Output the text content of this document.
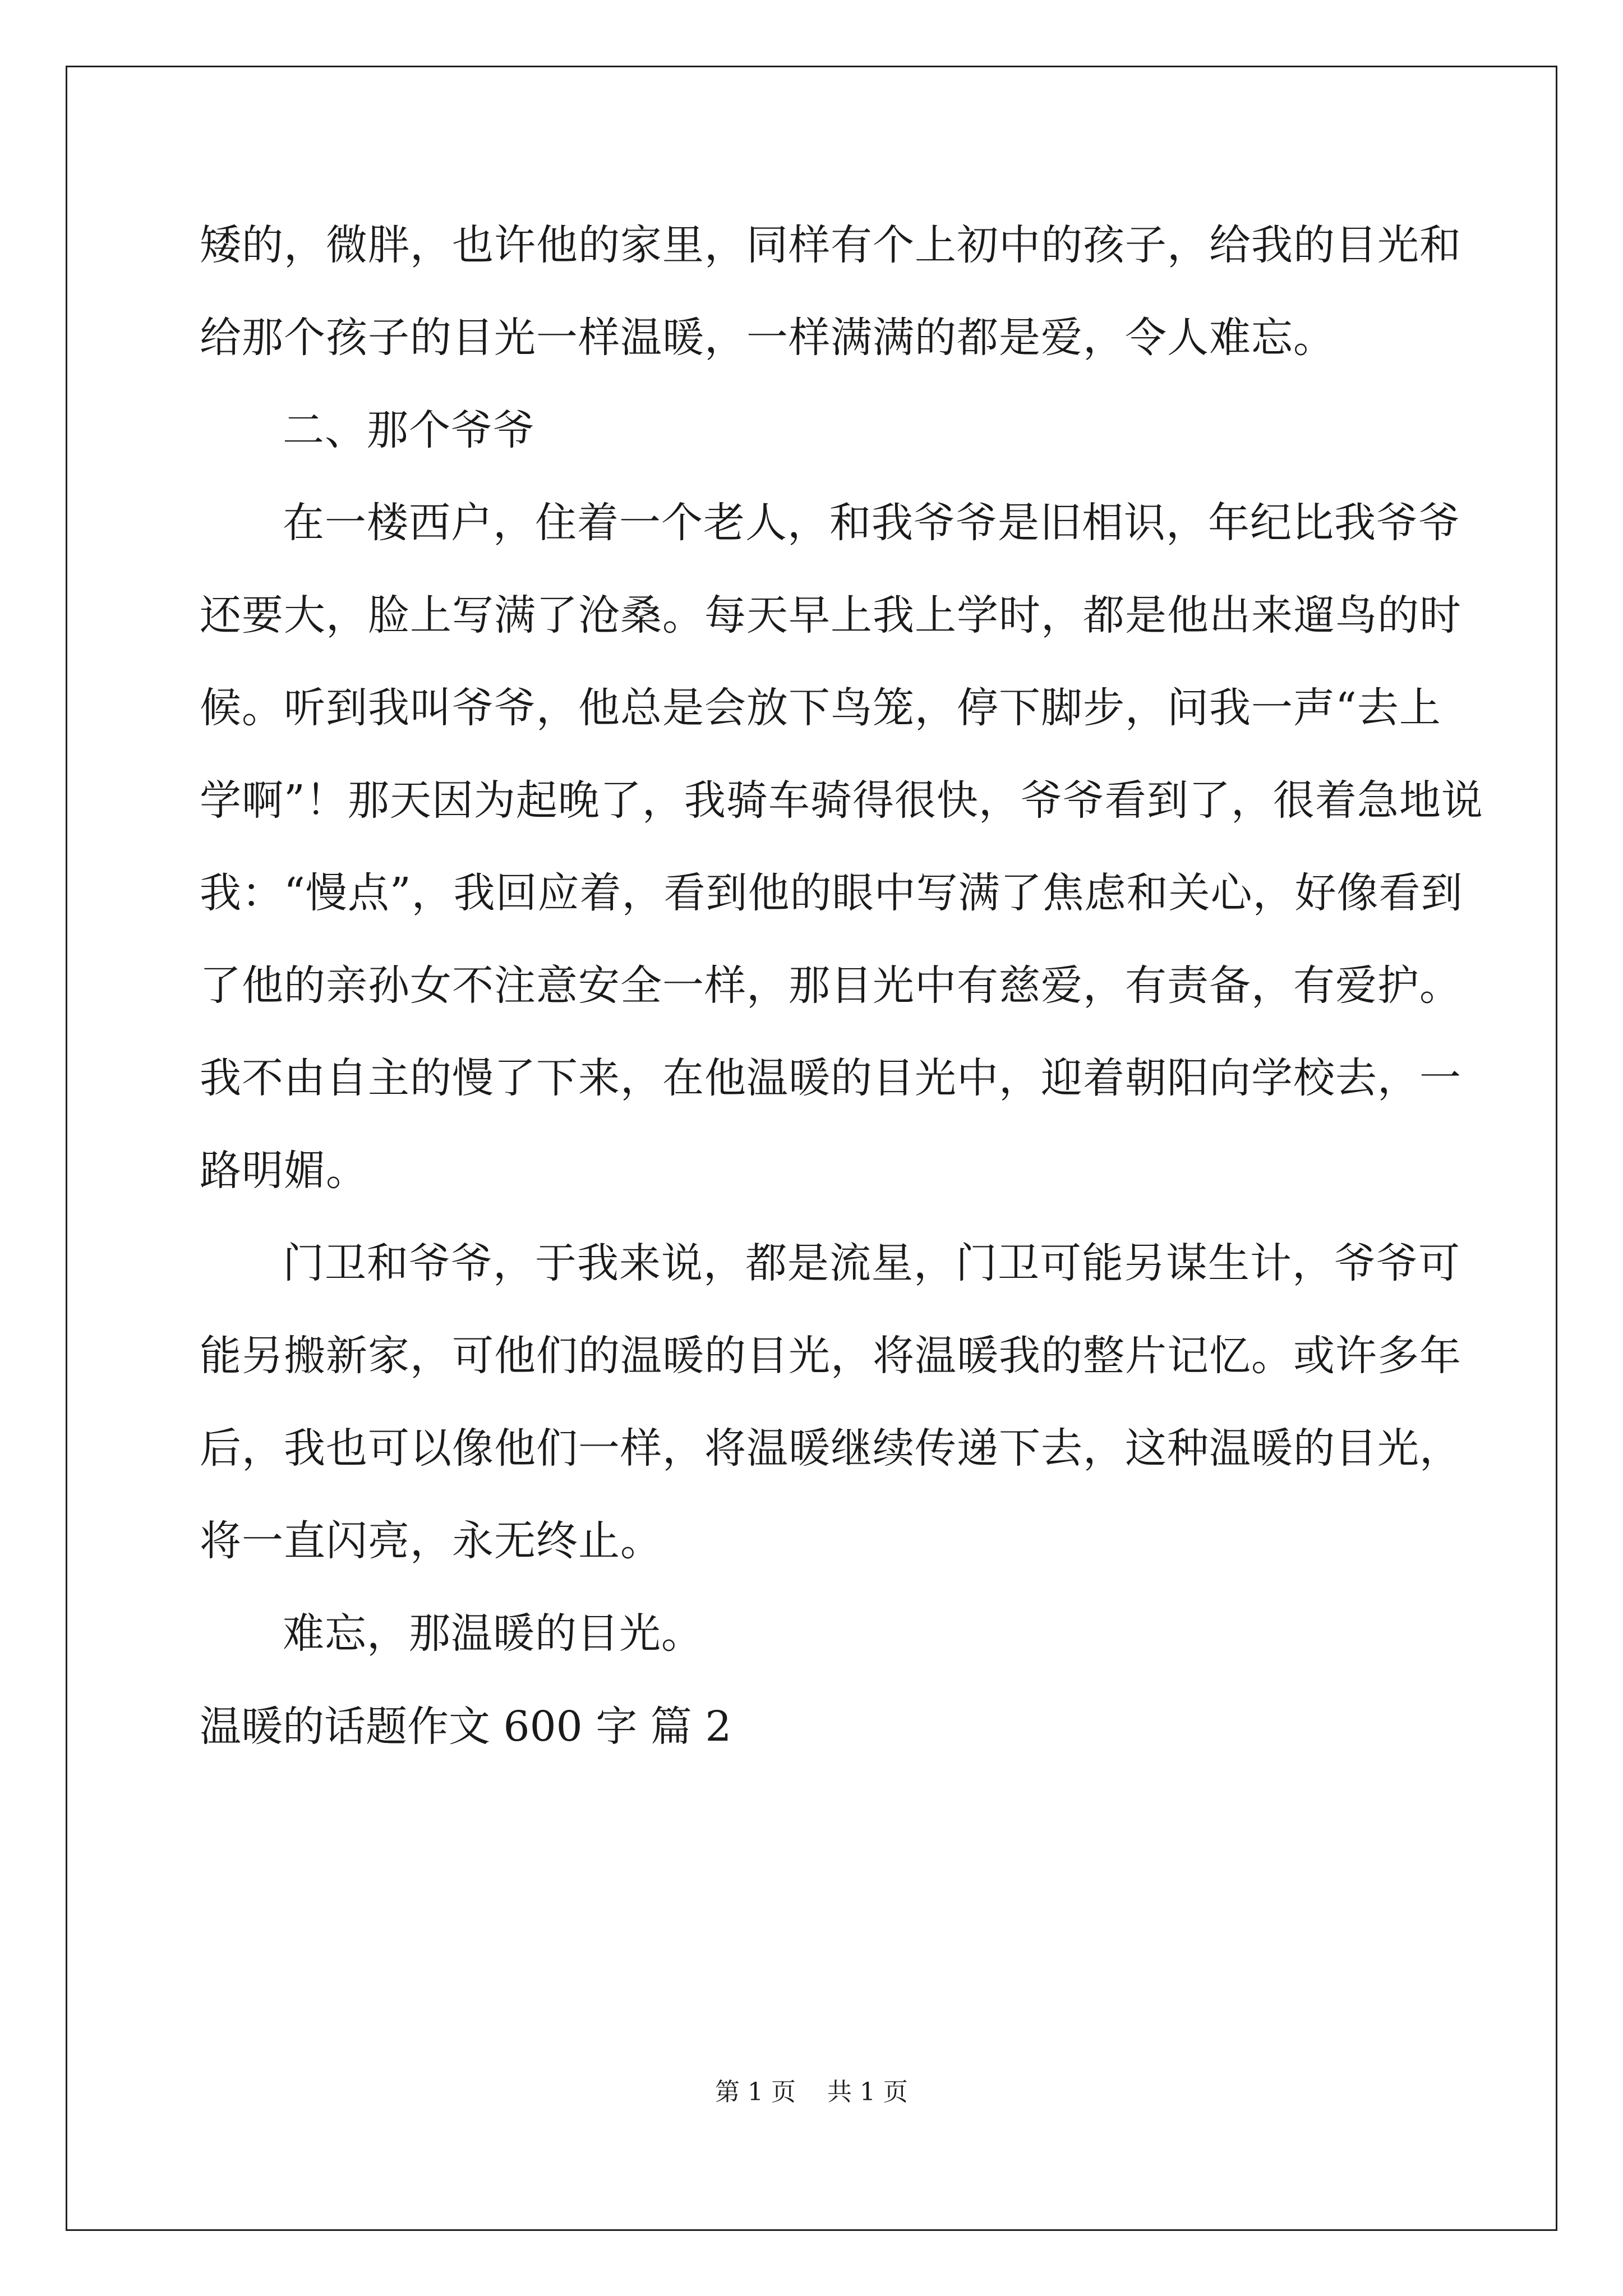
矮的，微胖，也许他的家里，同样有个上初中的孩子，给我的目光和
给那个孩子的目光一样温暖，一样满满的都是爱，令人难忘。
二、那个爷爷
在一楼西户，住着一个老人，和我爷爷是旧相识，年纪比我爷爷
还要大，脸上写满了沧桑。每天早上我上学时，都是他出来遛鸟的时
候。听到我叫爷爷，他总是会放下鸟笼，停下脚步，问我一声“去上
学啊”！那天因为起晚了，我骑车骑得很快，爷爷看到了，很着急地说
我：“慢点”，我回应着，看到他的眼中写满了焦虑和关心，好像看到
了他的亲孙女不注意安全一样，那目光中有慈爱，有责备，有爱护。
我不由自主的慢了下来，在他温暖的目光中，迎着朝阳向学校去，一
路明媚。
门卫和爷爷，于我来说，都是流星，门卫可能另谋生计，爷爷可
能另搬新家，可他们的温暖的目光，将温暖我的整片记忆。或许多年
后，我也可以像他们一样，将温暖继续传递下去，这种温暖的目光，
将一直闪亮，永无终止。
难忘，那温暖的目光。
温暖的话题作文 600 字 篇 2
第 1 页    共 1 页
